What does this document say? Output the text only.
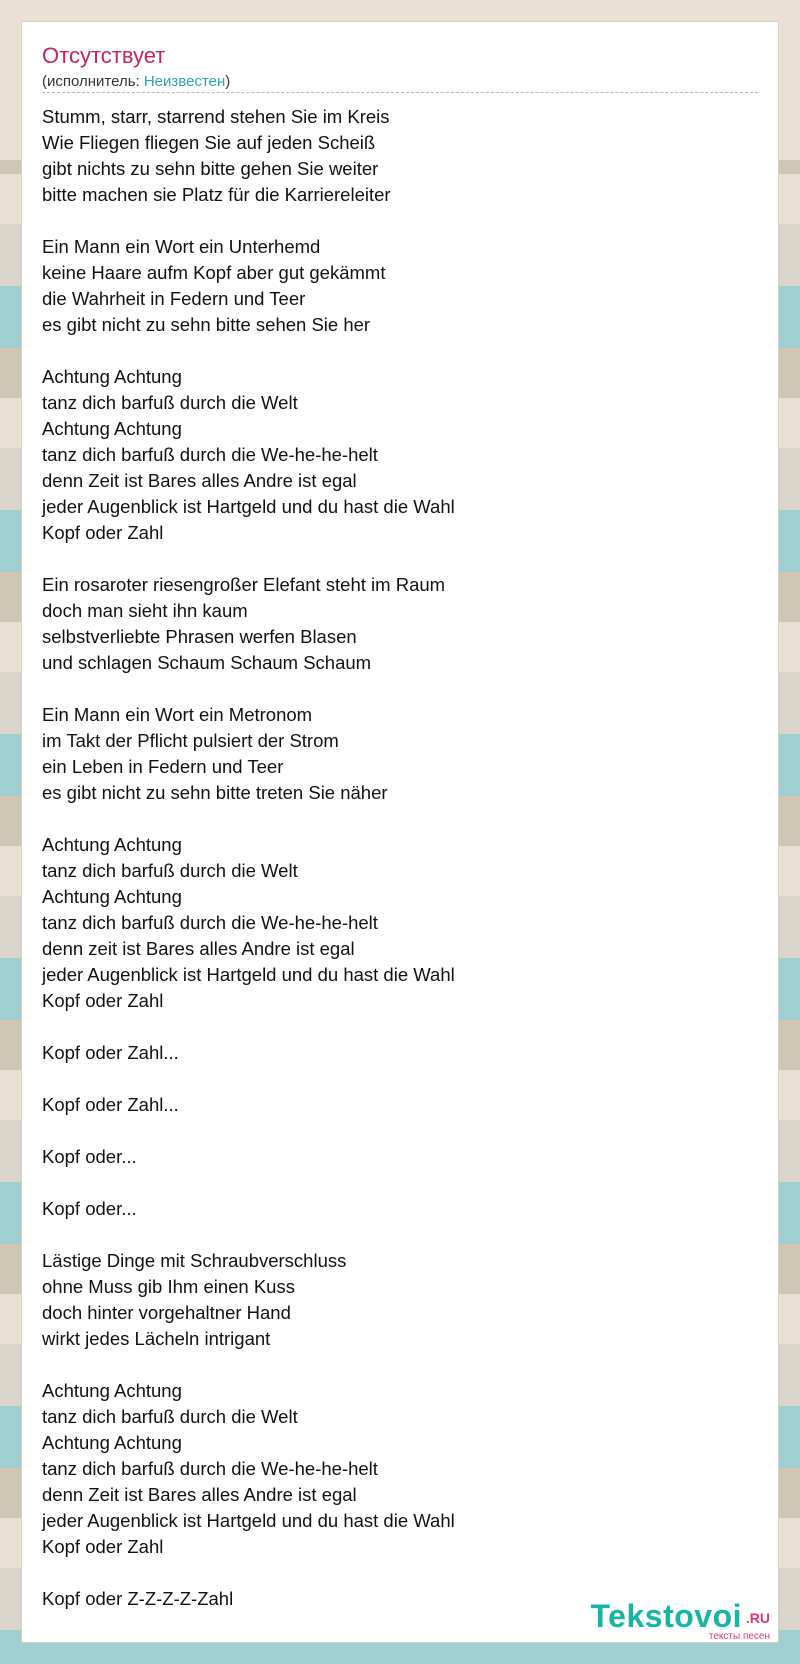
Отсутствует
(исполнитель: Неизвестен)
Stumm, starr, starrend stehen Sie im Kreis
Wie Fliegen fliegen Sie auf jeden Scheiß
gibt nichts zu sehn bitte gehen Sie weiter
bitte machen sie Platz für die Karriereleiter

Ein Mann ein Wort ein Unterhemd
keine Haare aufm Kopf aber gut gekämmt
die Wahrheit in Federn und Teer
es gibt nicht zu sehn bitte sehen Sie her

Achtung Achtung
tanz dich barfuß durch die Welt
Achtung Achtung
tanz dich barfuß durch die We-he-he-helt
denn Zeit ist Bares alles Andre ist egal
jeder Augenblick ist Hartgeld und du hast die Wahl
Kopf oder Zahl

Ein rosaroter riesengroßer Elefant steht im Raum
doch man sieht ihn kaum
selbstverliebte Phrasen werfen Blasen
und schlagen Schaum Schaum Schaum

Ein Mann ein Wort ein Metronom
im Takt der Pflicht pulsiert der Strom
ein Leben in Federn und Teer
es gibt nicht zu sehn bitte treten Sie näher

Achtung Achtung
tanz dich barfuß durch die Welt
Achtung Achtung
tanz dich barfuß durch die We-he-he-helt
denn zeit ist Bares alles Andre ist egal
jeder Augenblick ist Hartgeld und du hast die Wahl
Kopf oder Zahl

Kopf oder Zahl...

Kopf oder Zahl...

Kopf oder...

Kopf oder...

Lästige Dinge mit Schraubverschluss
ohne Muss gib Ihm einen Kuss
doch hinter vorgehaltner Hand
wirkt jedes Lächeln intrigant

Achtung Achtung
tanz dich barfuß durch die Welt
Achtung Achtung
tanz dich barfuß durch die We-he-he-helt
denn Zeit ist Bares alles Andre ist egal
jeder Augenblick ist Hartgeld und du hast die Wahl
Kopf oder Zahl

Kopf oder Z-Z-Z-Z-Zahl	Tekstovoi .RU
тексты песен
